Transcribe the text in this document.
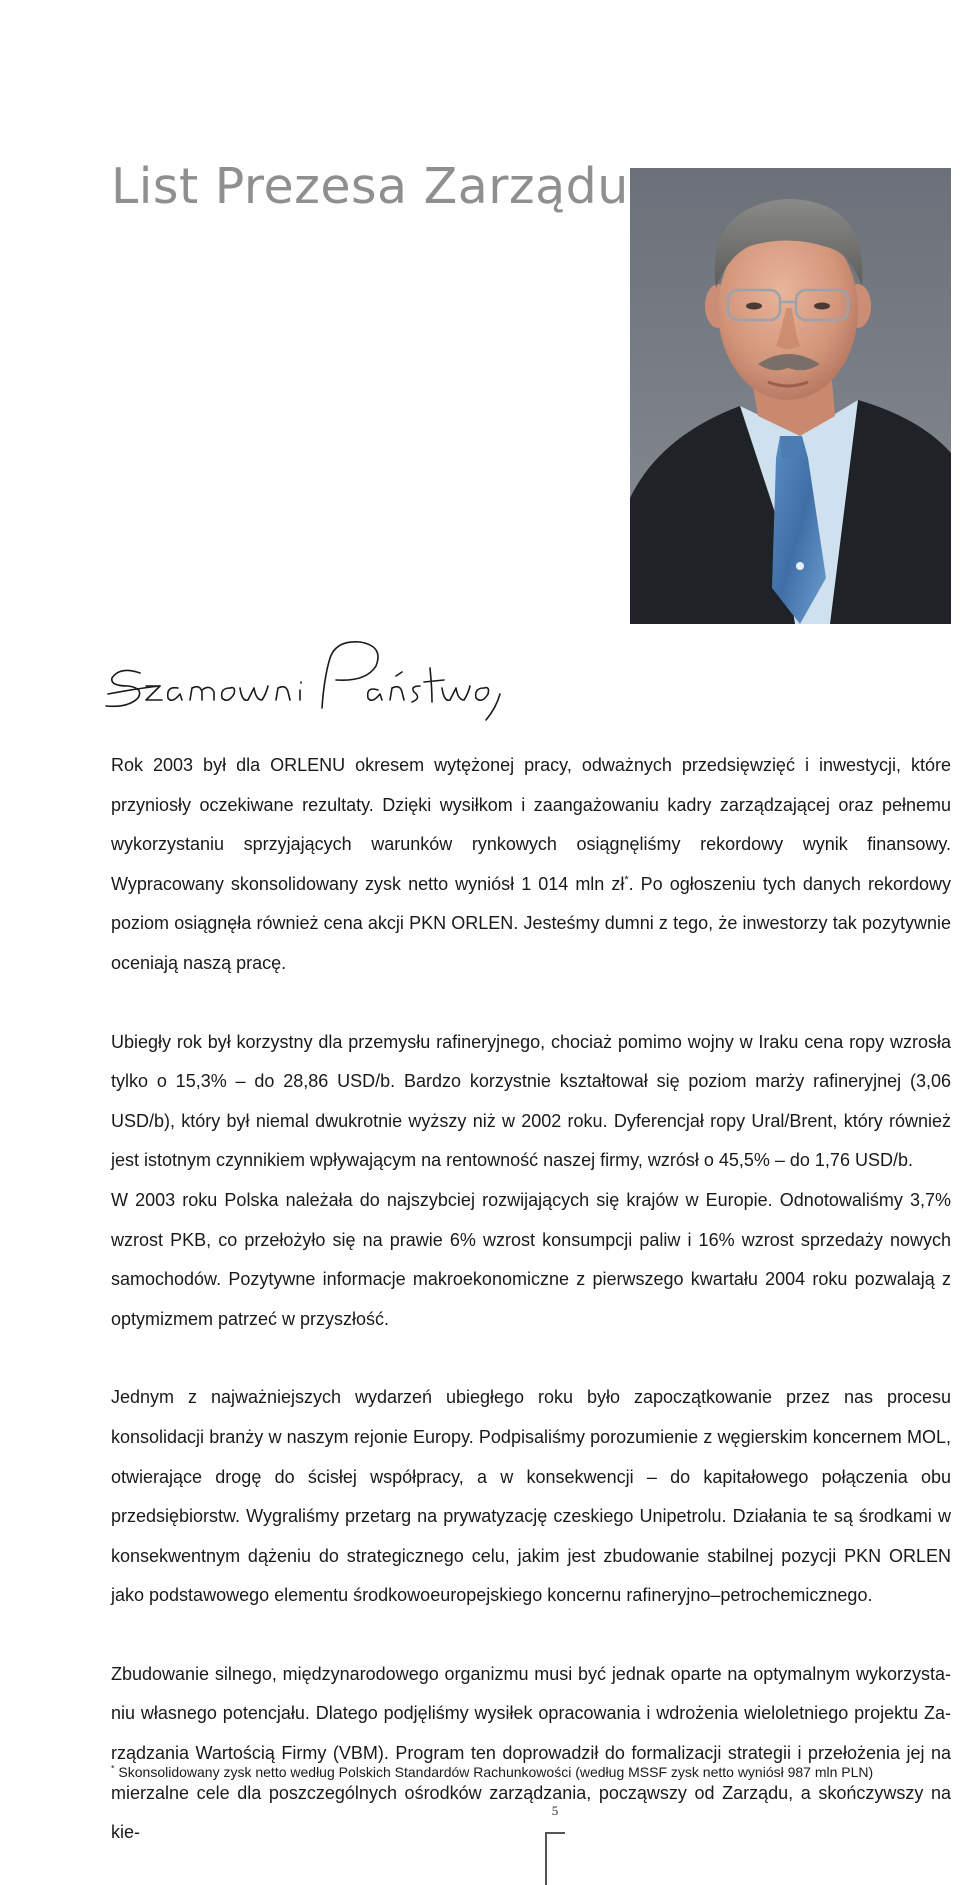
List Prezesa Zarządu

Rok 2003 był dla ORLENU okresem wytężonej pracy, odważnych przedsięwzięć i inwestycji, które przyniosły oczekiwane rezultaty. Dzięki wysiłkom i zaangażowaniu kadry zarządzającej oraz pełnemu wykorzystaniu sprzyjających warunków rynkowych osiągnęliśmy rekordowy wynik finansowy. Wypracowany skonsolidowany zysk netto wyniósł 1 014 mln zł*. Po ogłoszeniu tych danych rekordowy poziom osiągnęła również cena akcji PKN ORLEN. Jesteśmy dumni z tego, że inwestorzy tak pozytywnie oceniają naszą pracę.

Ubiegły rok był korzystny dla przemysłu rafineryjnego, chociaż pomimo wojny w Iraku cena ropy wzrosła tylko o 15,3% – do 28,86 USD/b. Bardzo korzystnie kształtował się poziom marży rafineryjnej (3,06 USD/b), który był niemal dwukrotnie wyższy niż w 2002 roku. Dyferencjał ropy Ural/Brent, który również jest istotnym czynnikiem wpływającym na rentowność naszej firmy, wzrósł o 45,5% – do 1,76 USD/b.

W 2003 roku Polska należała do najszybciej rozwijających się krajów w Europie. Odnotowaliśmy 3,7% wzrost PKB, co przełożyło się na prawie 6% wzrost konsumpcji paliw i 16% wzrost sprzedaży nowych samochodów. Pozytywne informacje makroekonomiczne z pierwszego kwartału 2004 roku pozwalają z optymizmem patrzeć w przyszłość.

Jednym z najważniejszych wydarzeń ubiegłego roku było zapoczątkowanie przez nas procesu konsolidacji branży w naszym rejonie Europy. Podpisaliśmy porozumienie z węgierskim koncernem MOL, otwierające drogę do ścisłej współpracy, a w konsekwencji – do kapitałowego połączenia obu przedsiębiorstw. Wygraliśmy przetarg na prywatyzację czeskiego Unipetrolu. Działania te są środkami w konsekwentnym dążeniu do strategicznego celu, jakim jest zbudowanie stabilnej pozycji PKN ORLEN jako podstawowego elementu środkowoeuropejskiego koncernu rafineryjno–petrochemicznego.

Zbudowanie silnego, międzynarodowego organizmu musi być jednak oparte na optymalnym wykorzystaniu własnego potencjału. Dlatego podjęliśmy wysiłek opracowania i wdrożenia wieloletniego projektu Zarządzania Wartością Firmy (VBM). Program ten doprowadził do formalizacji strategii i przełożenia jej na mierzalne cele dla poszczególnych ośrodków zarządzania, począwszy od Zarządu, a skończywszy na kie-

* Skonsolidowany zysk netto według Polskich Standardów Rachunkowości (według MSSF zysk netto wyniósł 987 mln PLN)
5
